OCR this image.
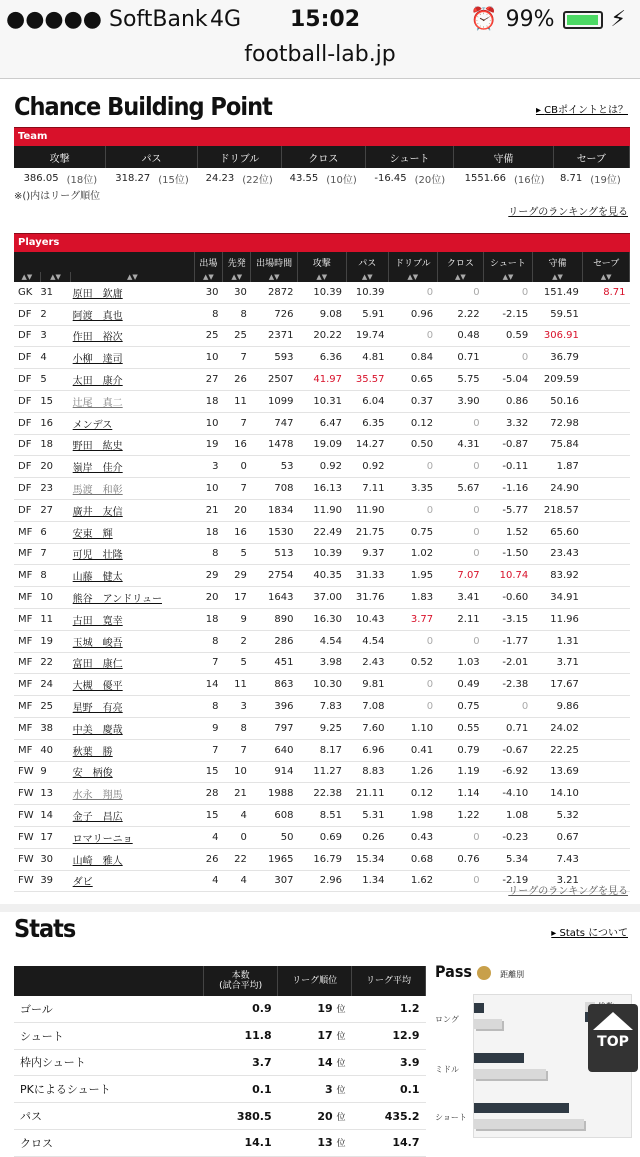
●●●●● SoftBank 4G 15:02	⏰ 99%	⚡
football-lab.jp
Chance Building Point	▸ CBポイントとは？
Team
攻撃		パス		ドリブル		クロス		シュート		守備		セーブ	
386.05	(18位)	318.27	(15位)	24.23	(22位)	43.55	(10位)	-16.45	(20位)	1551.66	(16位)	8.71	(19位)
※()内はリーグ順位
リーグのランキングを見る
Players
			出場	先発	出場時間	攻撃	パス	ドリブル	クロス	シュート	守備	セーブ
▲▼	▲▼	▲▼	▲▼	▲▼	▲▼	▲▼	▲▼	▲▼	▲▼	▲▼	▲▼	▲▼
GK	31	原田　欽庸	30	30	2872	10.39	10.39	0	0	0	151.49	8.71
DF	2	阿渡　真也	8	8	726	9.08	5.91	0.96	2.22	-2.15	59.51	
DF	3	作田　裕次	25	25	2371	20.22	19.74	0	0.48	0.59	306.91	
DF	4	小柳　達司	10	7	593	6.36	4.81	0.84	0.71	0	36.79	
DF	5	太田　康介	27	26	2507	41.97	35.57	0.65	5.75	-5.04	209.59	
DF	15	辻尾　真二	18	11	1099	10.31	6.04	0.37	3.90	0.86	50.16	
DF	16	メンデス	10	7	747	6.47	6.35	0.12	0	3.32	72.98	
DF	18	野田　紘史	19	16	1478	19.09	14.27	0.50	4.31	-0.87	75.84	
DF	20	嶺岸　佳介	3	0	53	0.92	0.92	0	0	-0.11	1.87	
DF	23	馬渡　和彰	10	7	708	16.13	7.11	3.35	5.67	-1.16	24.90	
DF	27	廣井　友信	21	20	1834	11.90	11.90	0	0	-5.77	218.57	
MF	6	安東　輝	18	16	1530	22.49	21.75	0.75	0	1.52	65.60	
MF	7	可児　壮隆	8	5	513	10.39	9.37	1.02	0	-1.50	23.43	
MF	8	山藤　健太	29	29	2754	40.35	31.33	1.95	7.07	10.74	83.92	
MF	10	熊谷　アンドリュー	20	17	1643	37.00	31.76	1.83	3.41	-0.60	34.91	
MF	11	古田　寛幸	18	9	890	16.30	10.43	3.77	2.11	-3.15	11.96	
MF	19	玉城　峻吾	8	2	286	4.54	4.54	0	0	-1.77	1.31	
MF	22	富田　康仁	7	5	451	3.98	2.43	0.52	1.03	-2.01	3.71	
MF	24	大槻　優平	14	11	863	10.30	9.81	0	0.49	-2.38	17.67	
MF	25	星野　有亮	8	3	396	7.83	7.08	0	0.75	0	9.86	
MF	38	中美　慶哉	9	8	797	9.25	7.60	1.10	0.55	0.71	24.02	
MF	40	秋葉　勝	7	7	640	8.17	6.96	0.41	0.79	-0.67	22.25	
FW	9	安　柄俊	15	10	914	11.27	8.83	1.26	1.19	-6.92	13.69	
FW	13	水永　翔馬	28	21	1988	22.38	21.11	0.12	1.14	-4.10	14.10	
FW	14	金子　昌広	15	4	608	8.51	5.31	1.98	1.22	1.08	5.32	
FW	17	ロマリーニョ	4	0	50	0.69	0.26	0.43	0	-0.23	0.67	
FW	30	山崎　雅人	26	22	1965	16.79	15.34	0.68	0.76	5.34	7.43	
FW	39	ダビ	4	4	307	2.96	1.34	1.62	0	-2.19	3.21	
リーグのランキングを見る
Stats	▸ Stats について
	本数
(試合平均)	リーグ順位	リーグ平均
ゴール	0.9	19 位	1.2
シュート	11.8	17 位	12.9
枠内シュート	3.7	14 位	3.9
PKによるシュート	0.1	3 位	0.1
パス	380.5	20 位	435.2
クロス	14.1	13 位	14.7
Pass	距離別
ロング
ミドル
ショート
TOP
